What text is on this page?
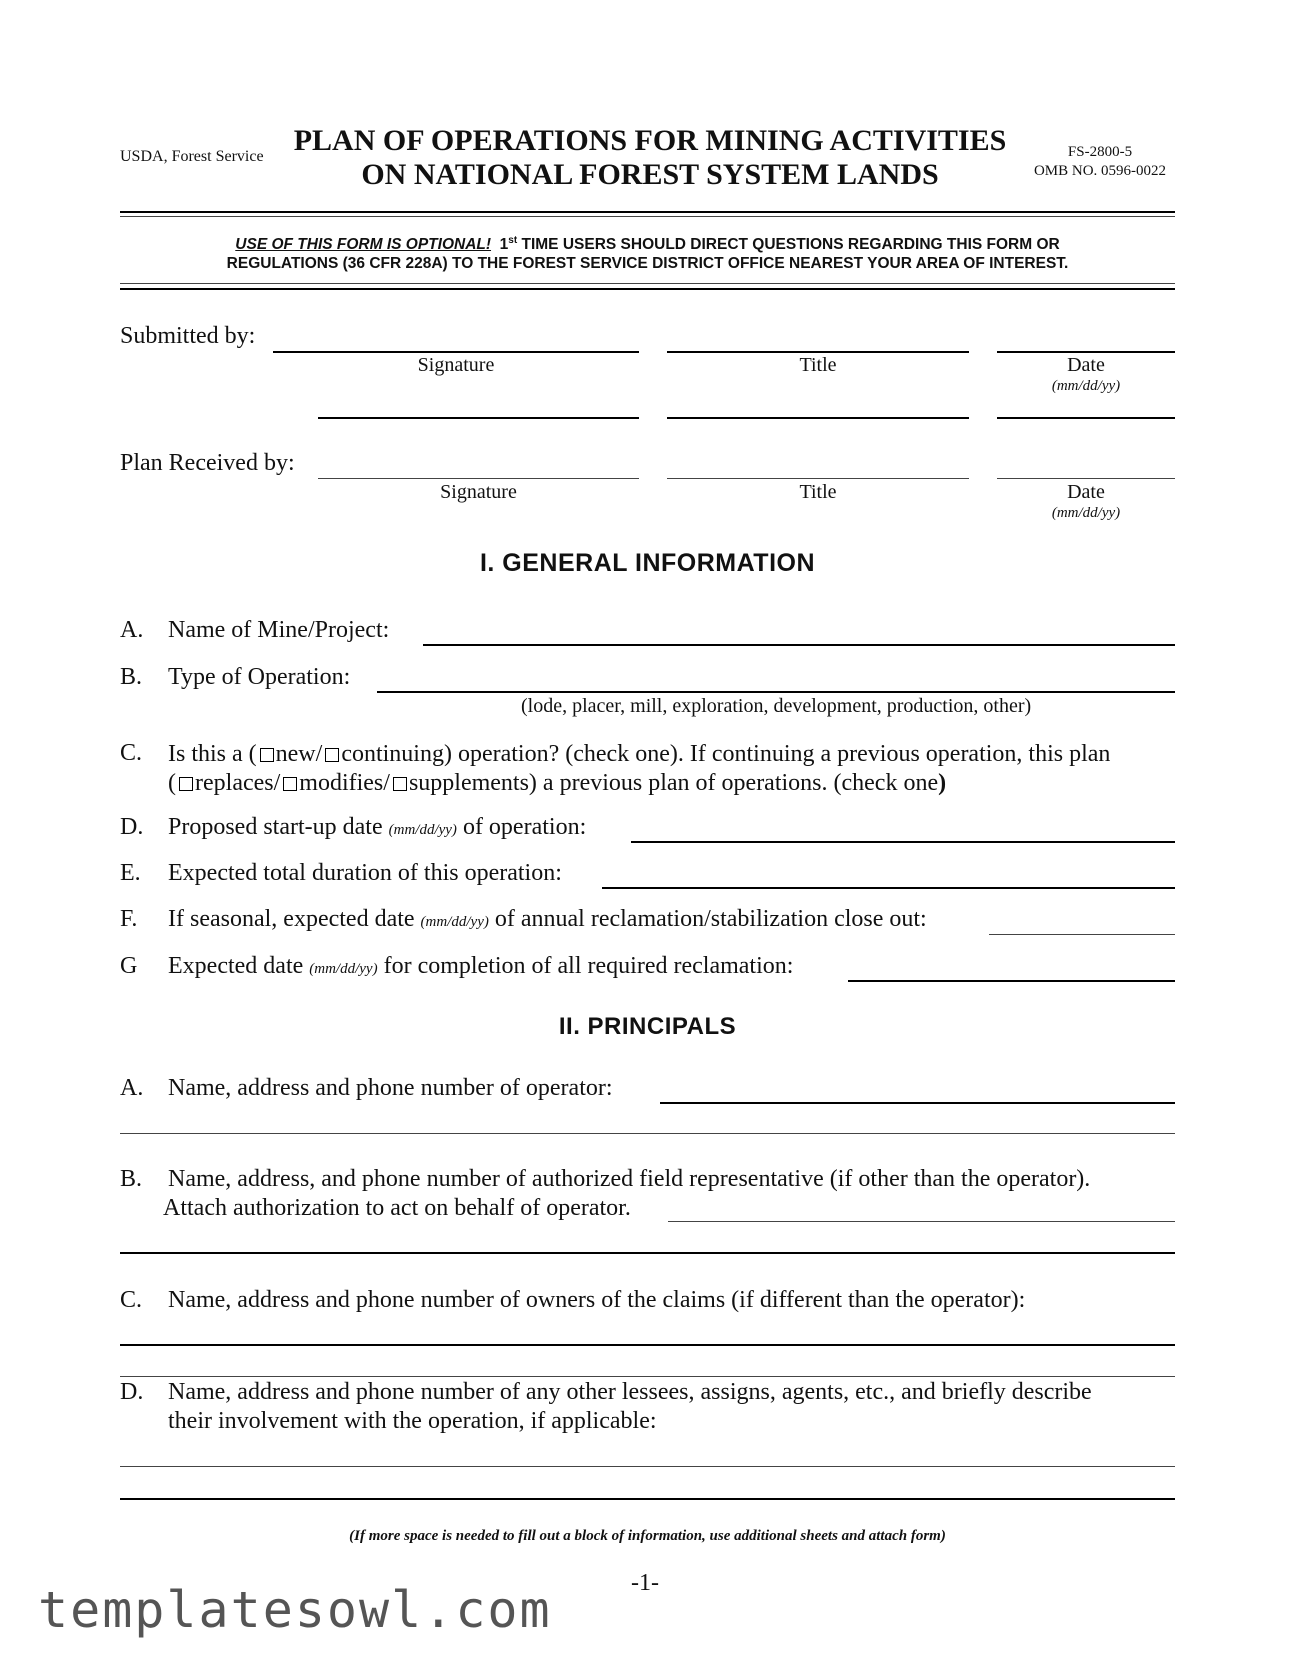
USDA, Forest Service	PLAN OF OPERATIONS FOR MINING ACTIVITIES
ON NATIONAL FOREST SYSTEM LANDS
FS-2800-5
OMB NO. 0596-0022
USE OF THIS FORM IS OPTIONAL! 1st TIME USERS SHOULD DIRECT QUESTIONS REGARDING THIS FORM OR
REGULATIONS (36 CFR 228A) TO THE FOREST SERVICE DISTRICT OFFICE NEAREST YOUR AREA OF INTEREST.
Submitted by:
Signature	Title	Date
(mm/dd/yy)
Plan Received by:
Signature	Title	Date
(mm/dd/yy)
I. GENERAL INFORMATION
A. Name of Mine/Project:
B. Type of Operation:
(lode, placer, mill, exploration, development, production, other)
C. Is this a ( new/ continuing) operation? (check one). If continuing a previous operation, this plan
( replaces/ modifies/ supplements) a previous plan of operations. (check one)
D. Proposed start-up date (mm/dd/yy) of operation:
E. Expected total duration of this operation:
F. If seasonal, expected date (mm/dd/yy) of annual reclamation/stabilization close out:
G Expected date (mm/dd/yy) for completion of all required reclamation:
II. PRINCIPALS
A. Name, address and phone number of operator:
B. Name, address, and phone number of authorized field representative (if other than the operator).
Attach authorization to act on behalf of operator.
C. Name, address and phone number of owners of the claims (if different than the operator):
D. Name, address and phone number of any other lessees, assigns, agents, etc., and briefly describe
their involvement with the operation, if applicable:
(If more space is needed to fill out a block of information, use additional sheets and attach form)
-1-
templatesowl.com
